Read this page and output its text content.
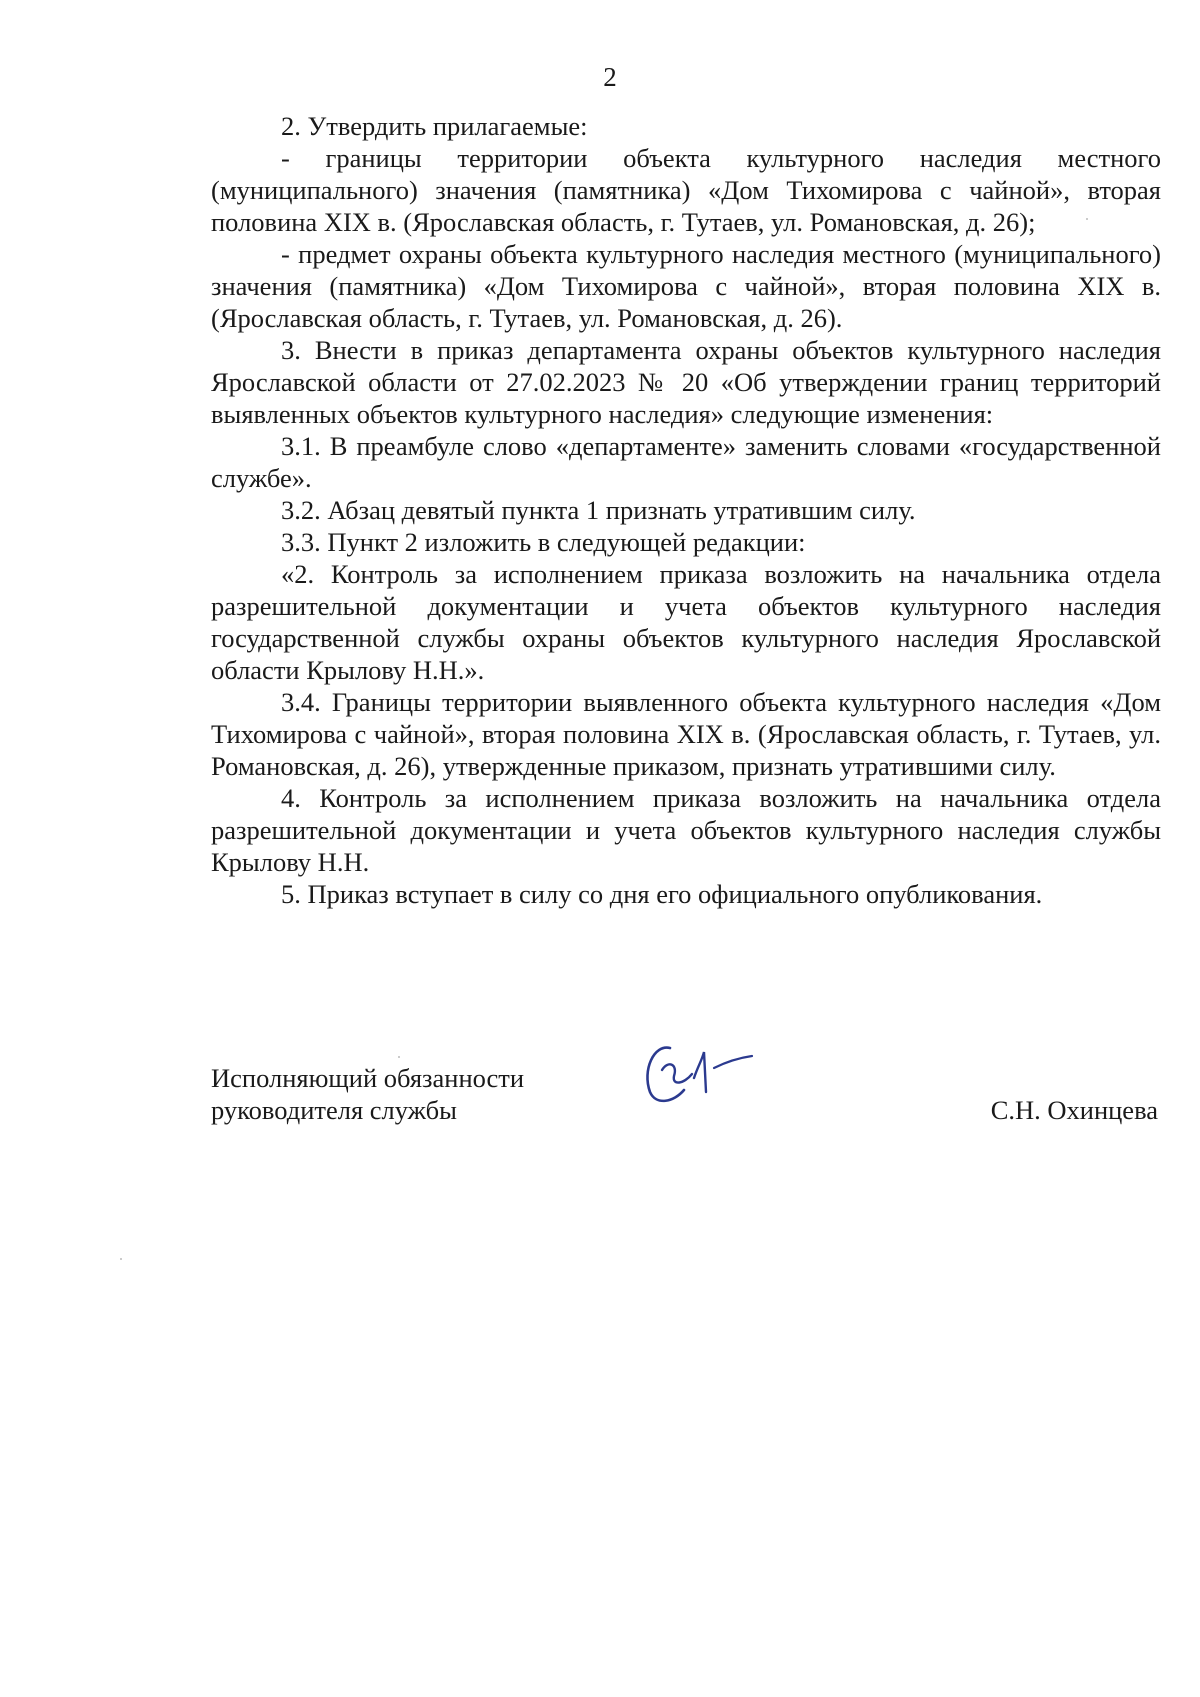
2

2. Утвердить прилагаемые:

- границы территории объекта культурного наследия местного (муниципального) значения (памятника) «Дом Тихомирова с чайной», вторая половина XIX в. (Ярославская область, г. Тутаев, ул. Романовская, д. 26);

- предмет охраны объекта культурного наследия местного (муниципального) значения (памятника) «Дом Тихомирова с чайной», вторая половина XIX в. (Ярославская область, г. Тутаев, ул. Романовская, д. 26).

3. Внести в приказ департамента охраны объектов культурного наследия Ярославской области от 27.02.2023 № 20 «Об утверждении границ территорий выявленных объектов культурного наследия» следующие изменения:

3.1. В преамбуле слово «департаменте» заменить словами «государственной службе».

3.2. Абзац девятый пункта 1 признать утратившим силу.

3.3. Пункт 2 изложить в следующей редакции:

«2. Контроль за исполнением приказа возложить на начальника отдела разрешительной документации и учета объектов культурного наследия государственной службы охраны объектов культурного наследия Ярославской области Крылову Н.Н.».

3.4. Границы территории выявленного объекта культурного наследия «Дом Тихомирова с чайной», вторая половина XIX в. (Ярославская область, г. Тутаев, ул. Романовская, д. 26), утвержденные приказом, признать утратившими силу.

4. Контроль за исполнением приказа возложить на начальника отдела разрешительной документации и учета объектов культурного наследия службы Крылову Н.Н.

5. Приказ вступает в силу со дня его официального опубликования.

Исполняющий обязанности
руководителя службы	С.Н. Охинцева
